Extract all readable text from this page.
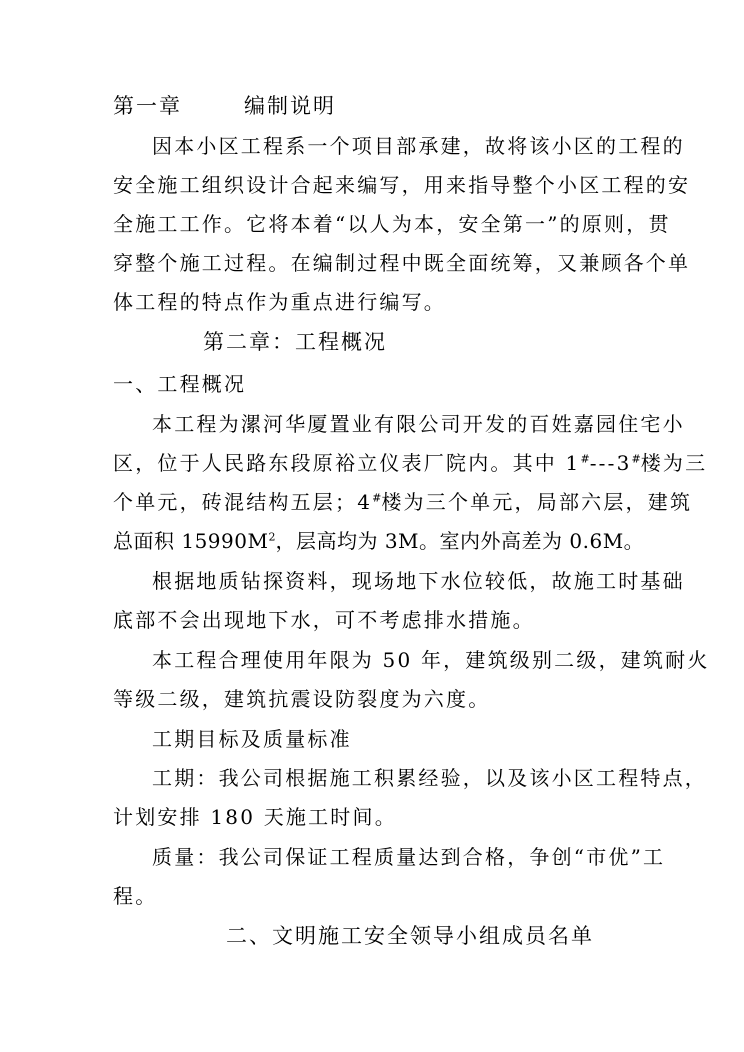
第一章	编制说明
因本小区工程系一个项目部承建，故将该小区的工程的
安全施工组织设计合起来编写，用来指导整个小区工程的安
全施工工作。它将本着“以人为本，安全第一”的原则，贯
穿整个施工过程。在编制过程中既全面统筹，又兼顾各个单
体工程的特点作为重点进行编写。
第二章：工程概况
一、工程概况
本工程为漯河华厦置业有限公司开发的百姓嘉园住宅小
区，位于人民路东段原裕立仪表厂院内。其中 1#---3#楼为三
个单元，砖混结构五层；4#楼为三个单元，局部六层，建筑
总面积 $15990M^2$，层高均为 3M。室内外高差为 0.6M。
根据地质钻探资料，现场地下水位较低，故施工时基础
底部不会出现地下水，可不考虑排水措施。
本工程合理使用年限为 50 年，建筑级别二级，建筑耐火
等级二级，建筑抗震设防裂度为六度。
工期目标及质量标准
工期：我公司根据施工积累经验，以及该小区工程特点，
计划安排 180 天施工时间。
质量：我公司保证工程质量达到合格，争创“市优”工
程。
二、文明施工安全领导小组成员名单
